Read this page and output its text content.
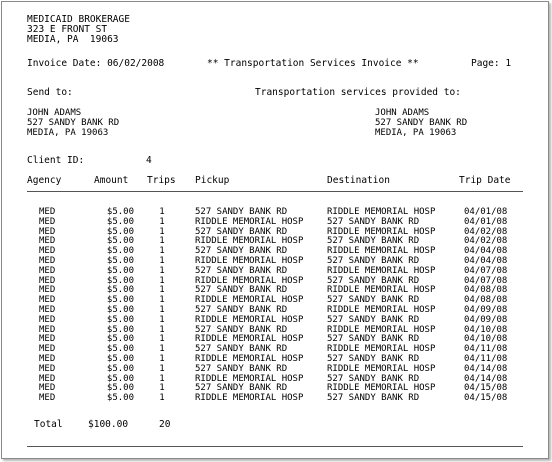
MEDICAID BROKERAGE
323 E FRONT ST
MEDIA, PA  19063
Invoice Date: 06/02/2008	** Transportation Services Invoice **	Page: 1
Send to:	Transportation services provided to:
JOHN ADAMS
527 SANDY BANK RD
MEDIA, PA 19063
JOHN ADAMS
527 SANDY BANK RD
MEDIA, PA 19063
Client ID:	4
Agency	Amount Trips Pickup	Destination	Trip Date
MED	$5.00	1	527 SANDY BANK RD	RIDDLE MEMORIAL HOSP	04/01/08
MED	$5.00	1	RIDDLE MEMORIAL HOSP	527 SANDY BANK RD	04/01/08
MED	$5.00	1	527 SANDY BANK RD	RIDDLE MEMORIAL HOSP	04/02/08
MED	$5.00	1	RIDDLE MEMORIAL HOSP	527 SANDY BANK RD	04/02/08
MED	$5.00	1	527 SANDY BANK RD	RIDDLE MEMORIAL HOSP	04/04/08
MED	$5.00	1	RIDDLE MEMORIAL HOSP	527 SANDY BANK RD	04/04/08
MED	$5.00	1	527 SANDY BANK RD	RIDDLE MEMORIAL HOSP	04/07/08
MED	$5.00	1	RIDDLE MEMORIAL HOSP	527 SANDY BANK RD	04/07/08
MED	$5.00	1	527 SANDY BANK RD	RIDDLE MEMORIAL HOSP	04/08/08
MED	$5.00	1	RIDDLE MEMORIAL HOSP	527 SANDY BANK RD	04/08/08
MED	$5.00	1	527 SANDY BANK RD	RIDDLE MEMORIAL HOSP	04/09/08
MED	$5.00	1	RIDDLE MEMORIAL HOSP	527 SANDY BANK RD	04/09/08
MED	$5.00	1	527 SANDY BANK RD	RIDDLE MEMORIAL HOSP	04/10/08
MED	$5.00	1	RIDDLE MEMORIAL HOSP	527 SANDY BANK RD	04/10/08
MED	$5.00	1	527 SANDY BANK RD	RIDDLE MEMORIAL HOSP	04/11/08
MED	$5.00	1	RIDDLE MEMORIAL HOSP	527 SANDY BANK RD	04/11/08
MED	$5.00	1	527 SANDY BANK RD	RIDDLE MEMORIAL HOSP	04/14/08
MED	$5.00	1	RIDDLE MEMORIAL HOSP	527 SANDY BANK RD	04/14/08
MED	$5.00	1	527 SANDY BANK RD	RIDDLE MEMORIAL HOSP	04/15/08
MED	$5.00	1	RIDDLE MEMORIAL HOSP	527 SANDY BANK RD	04/15/08
Total	$100.00	20
